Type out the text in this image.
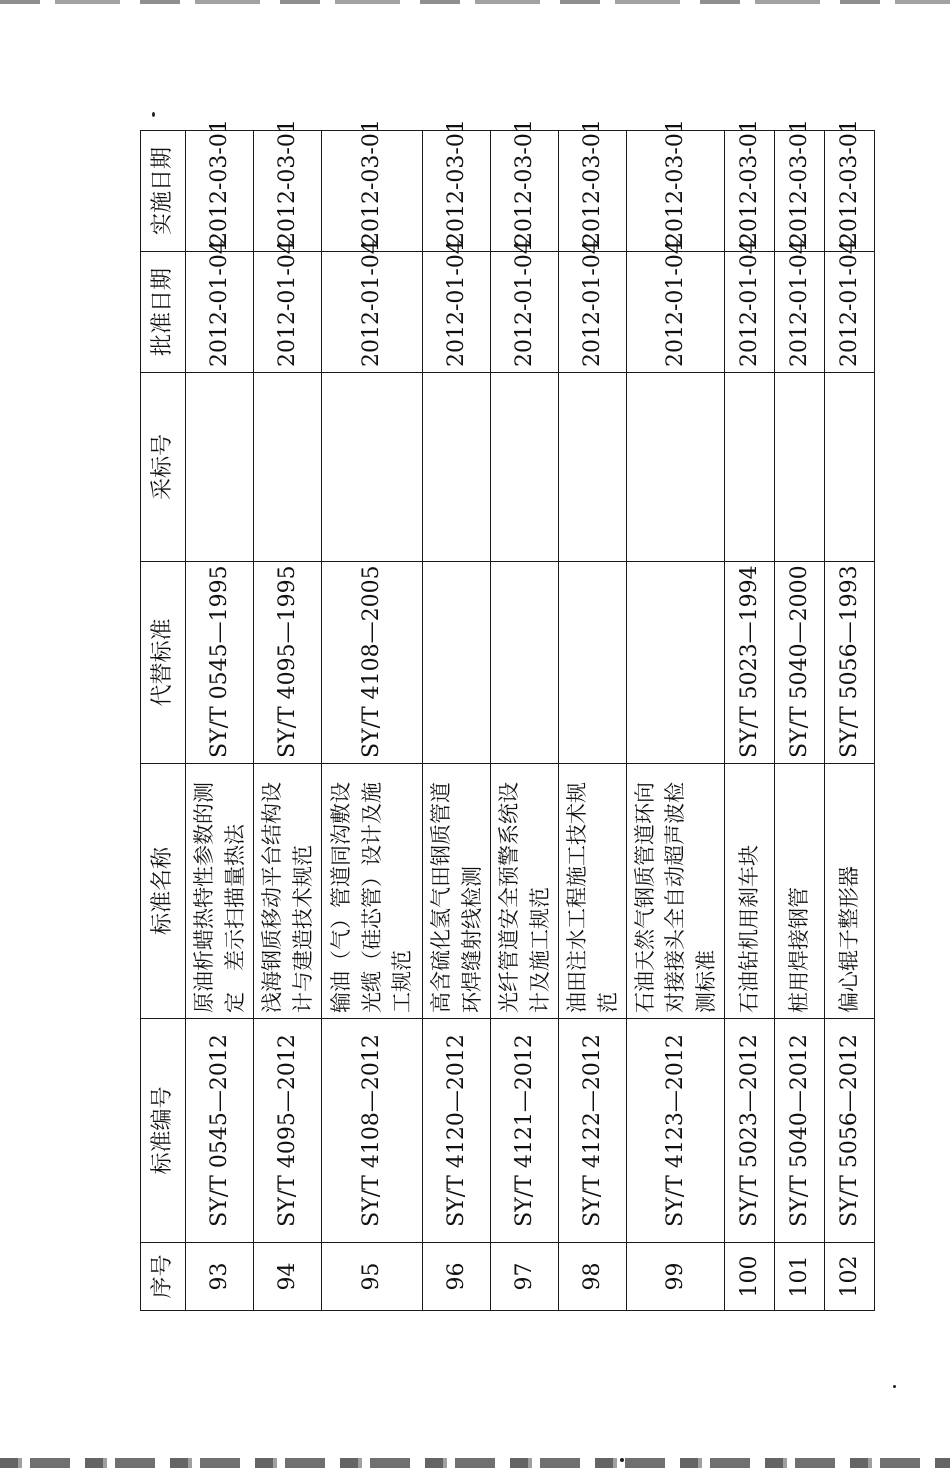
序号	标准编号	标准名称	代替标准	采标号	批准日期	实施日期
93	SY/T 0545—2012	原油析蜡热特性参数的测定　差示扫描量热法	SY/T 0545—1995		2012-01-04	2012-03-01
94	SY/T 4095—2012	浅海钢质移动平台结构设计与建造技术规范	SY/T 4095—1995		2012-01-04	2012-03-01
95	SY/T 4108—2012	输油（气）管道同沟敷设光缆（硅芯管）设计及施工规范	SY/T 4108—2005		2012-01-04	2012-03-01
96	SY/T 4120—2012	高含硫化氢气田钢质管道环焊缝射线检测			2012-01-04	2012-03-01
97	SY/T 4121—2012	光纤管道安全预警系统设计及施工规范			2012-01-04	2012-03-01
98	SY/T 4122—2012	油田注水工程施工技术规范			2012-01-04	2012-03-01
99	SY/T 4123—2012	石油天然气钢质管道环向对接接头全自动超声波检测标准			2012-01-04	2012-03-01
100	SY/T 5023—2012	石油钻机用刹车块	SY/T 5023—1994		2012-01-04	2012-03-01
101	SY/T 5040—2012	桩用焊接钢管	SY/T 5040—2000		2012-01-04	2012-03-01
102	SY/T 5056—2012	偏心辊子整形器	SY/T 5056—1993		2012-01-04	2012-03-01
